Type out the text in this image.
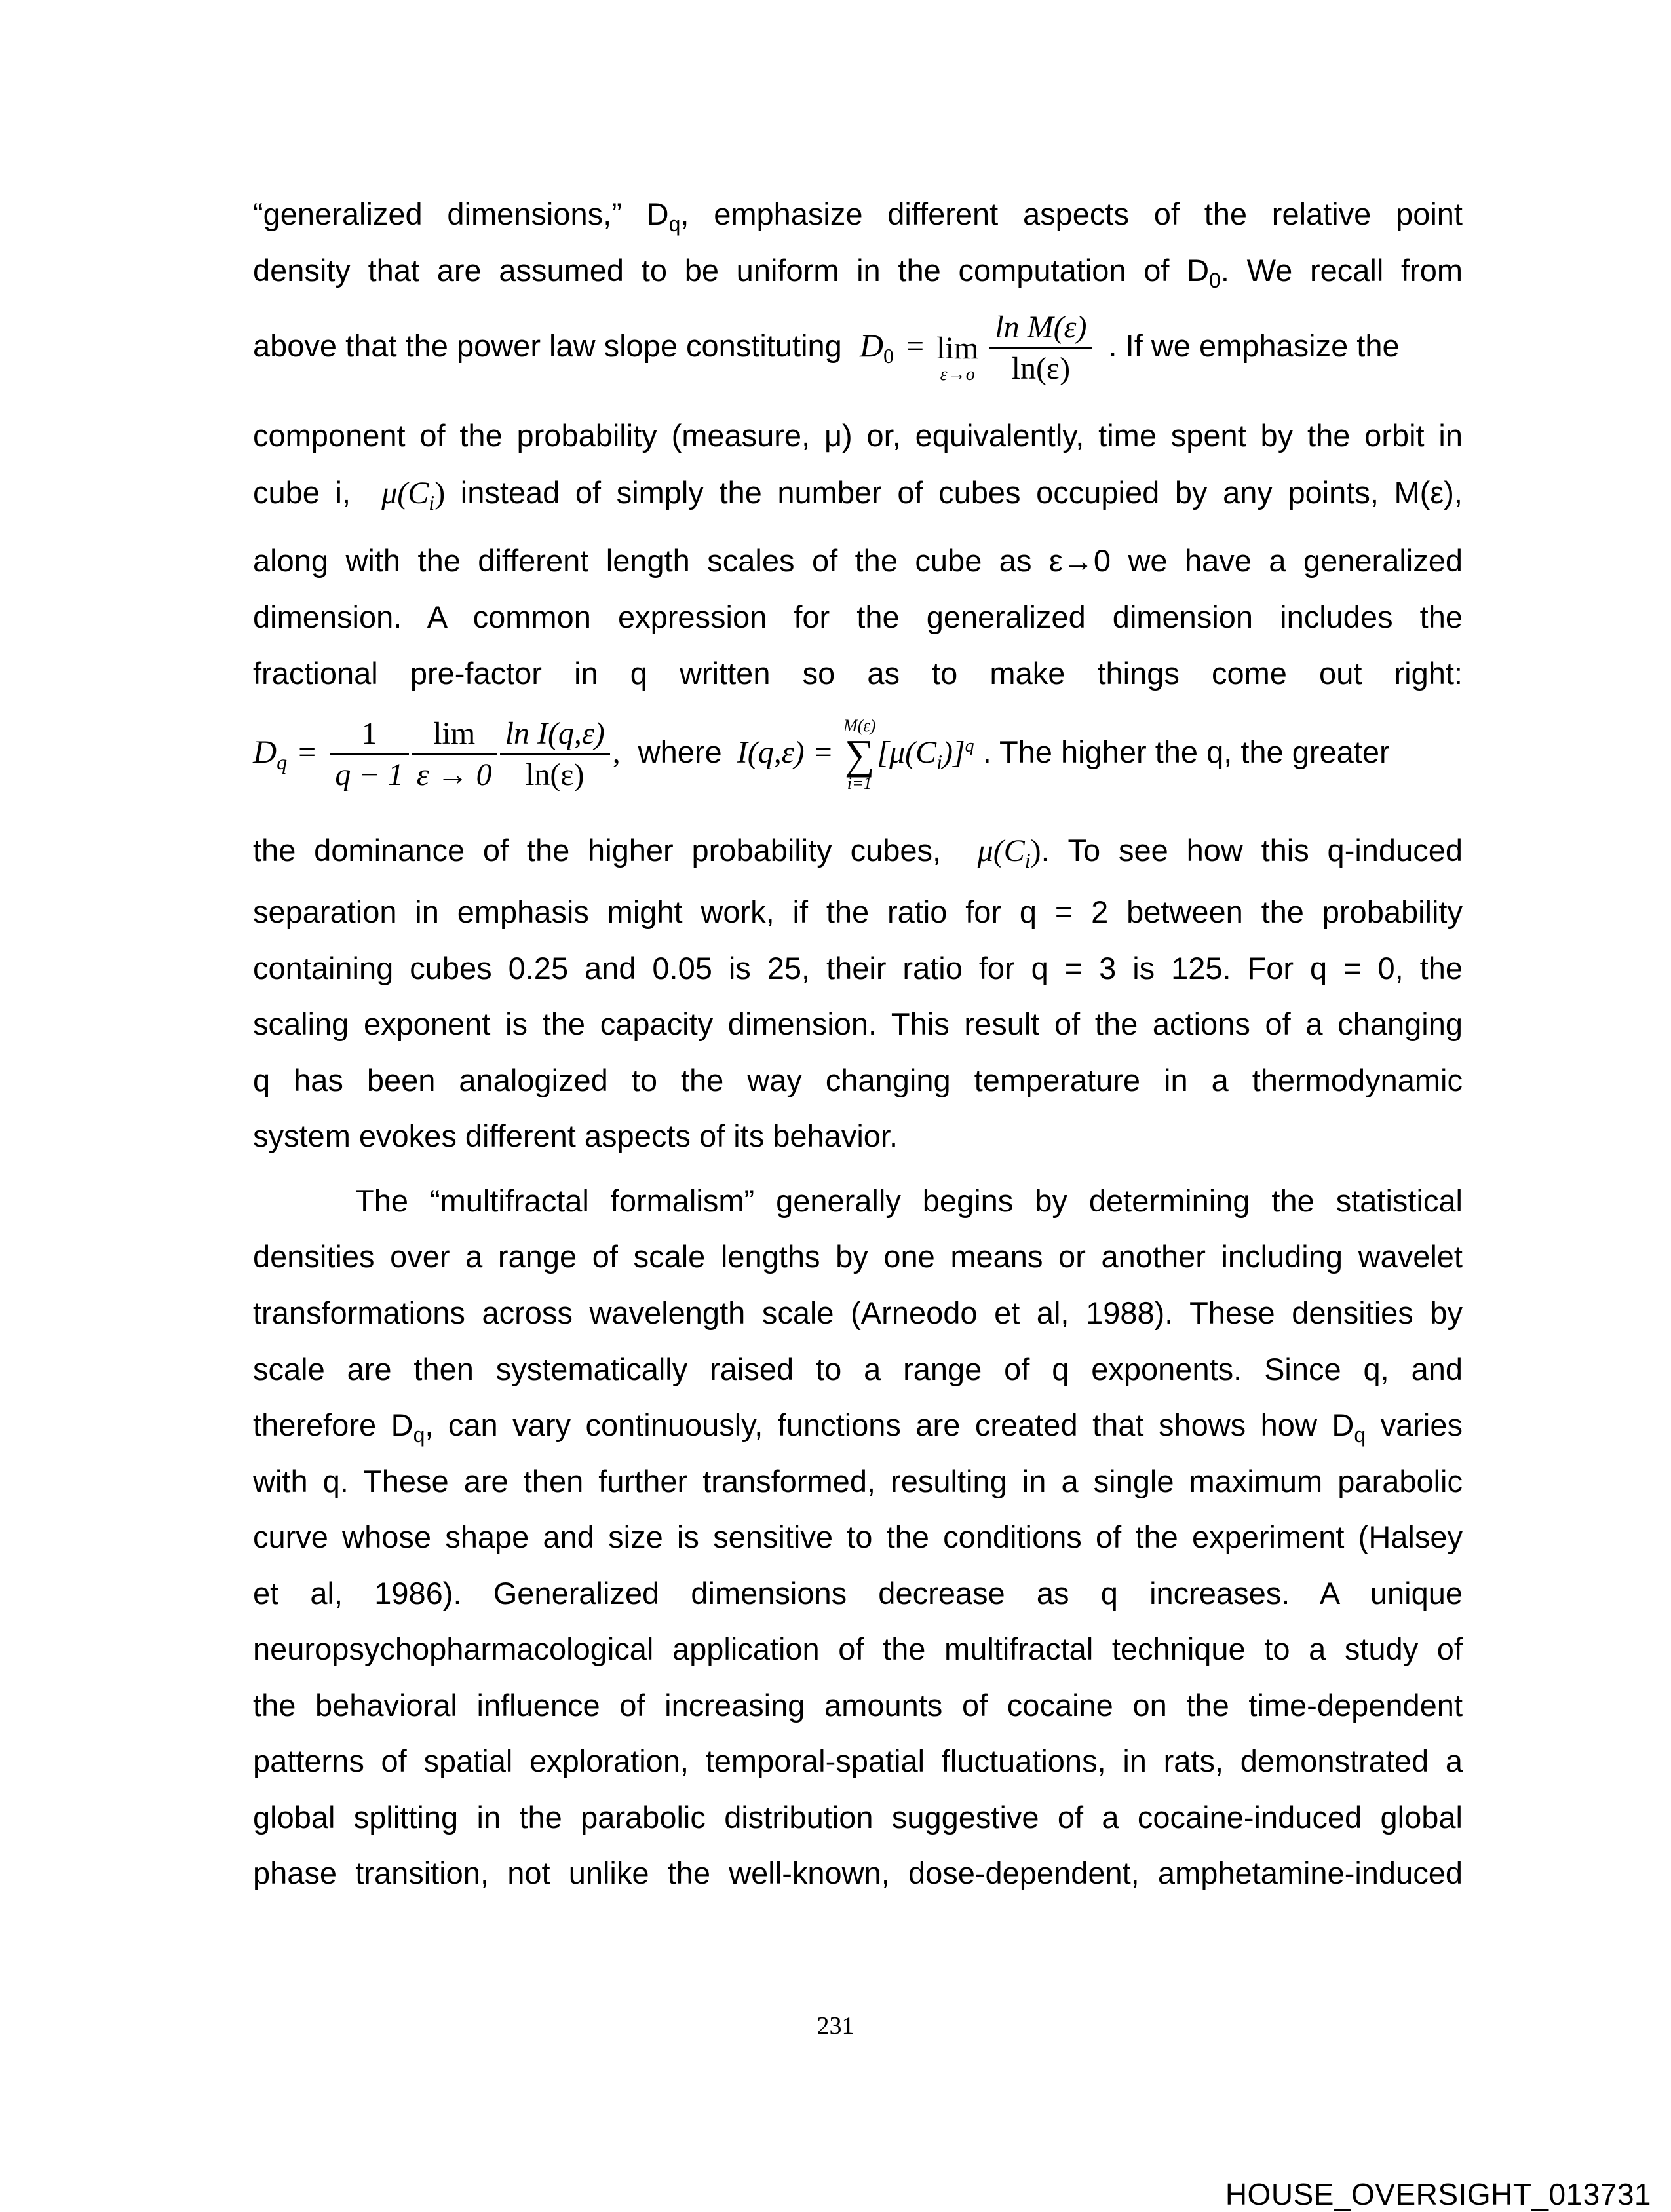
“generalized dimensions,” $D_q$, emphasize different aspects of the relative point
density that are assumed to be uniform in the computation of $D_0$. We recall from
above that the power law slope constituting $D_0 = \lim$
ε→o
$\frac{\text{ln M(ε)}}{\ln(\varepsilon)}$ . If we emphasize the
component of the probability (measure, μ) or, equivalently, time spent by the orbit in
cube i, $\mu(C_i)$ instead of simply the number of cubes occupied by any points, M(ε),
along with the different length scales of the cube as ε→0 we have a generalized
dimension. A common expression for the generalized dimension includes the
fractional pre-factor in q written so as to make things come out right:
$D_q = \frac{1}{q - 1} \frac{\lim}{\varepsilon \to 0} \frac{\text{ln I(q,ε)}}{\ln(\varepsilon)}$ , where I(q,ε) =
M(ε)
∑
i=1
$[\mu(C_i)]^q$ . The higher the q, the greater
the dominance of the higher probability cubes, $\mu(C_i)$. To see how this q-induced
separation in emphasis might work, if the ratio for q = 2 between the probability
containing cubes 0.25 and 0.05 is 25, their ratio for q = 3 is 125. For q = 0, the
scaling exponent is the capacity dimension. This result of the actions of a changing
q has been analogized to the way changing temperature in a thermodynamic
system evokes different aspects of its behavior.
The “multifractal formalism” generally begins by determining the statistical
densities over a range of scale lengths by one means or another including wavelet
transformations across wavelength scale (Arneodo et al, 1988). These densities by
scale are then systematically raised to a range of q exponents. Since q, and
therefore $D_q$, can vary continuously, functions are created that shows how $D_q$ varies
with q. These are then further transformed, resulting in a single maximum parabolic
curve whose shape and size is sensitive to the conditions of the experiment (Halsey
et al, 1986). Generalized dimensions decrease as q increases. A unique
neuropsychopharmacological application of the multifractal technique to a study of
the behavioral influence of increasing amounts of cocaine on the time-dependent
patterns of spatial exploration, temporal-spatial fluctuations, in rats, demonstrated a
global splitting in the parabolic distribution suggestive of a cocaine-induced global
phase transition, not unlike the well-known, dose-dependent, amphetamine-induced
231
HOUSE_OVERSIGHT_013731
